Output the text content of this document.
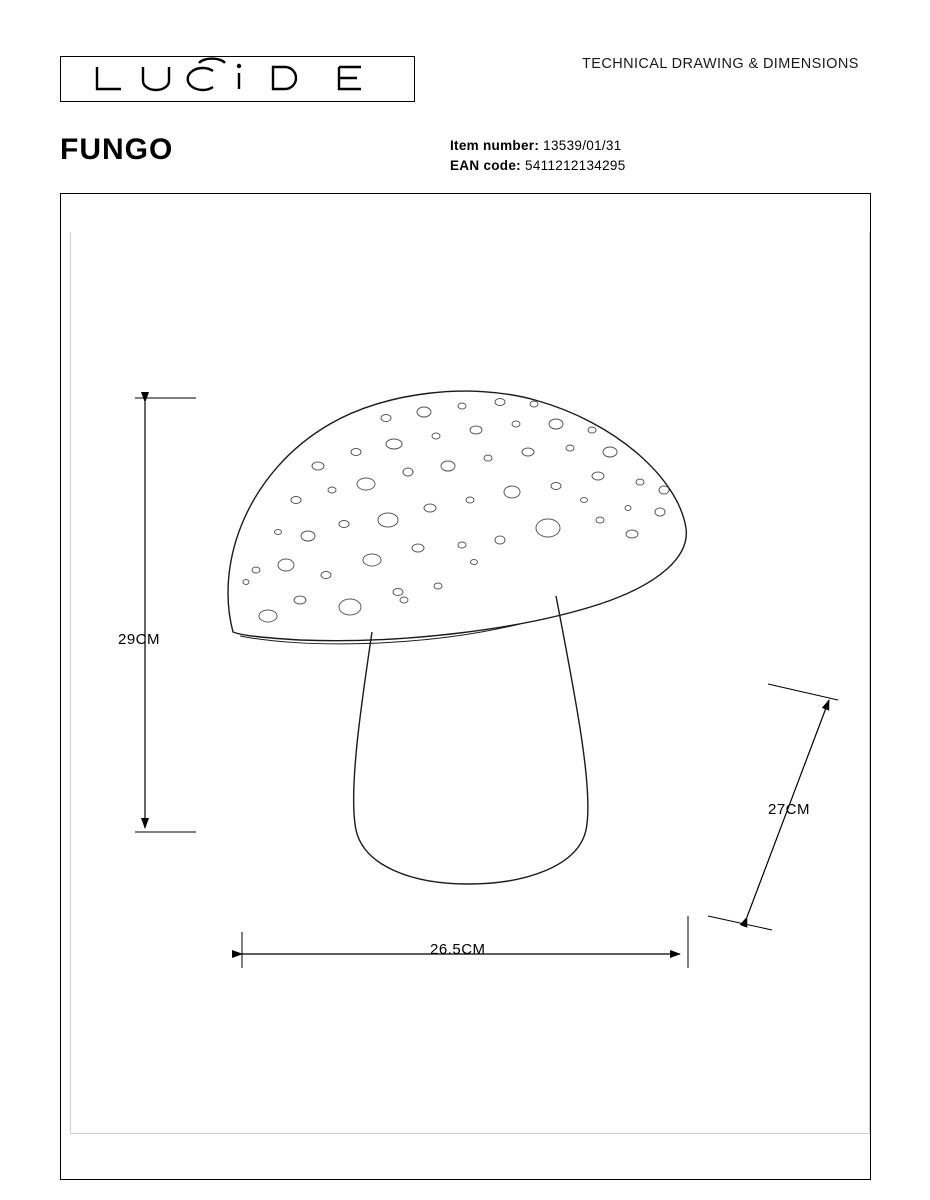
TECHNICAL DRAWING & DIMENSIONS
FUNGO	Item number: 13539/01/31
EAN code: 5411212134295
29CM
26.5CM
27CM
